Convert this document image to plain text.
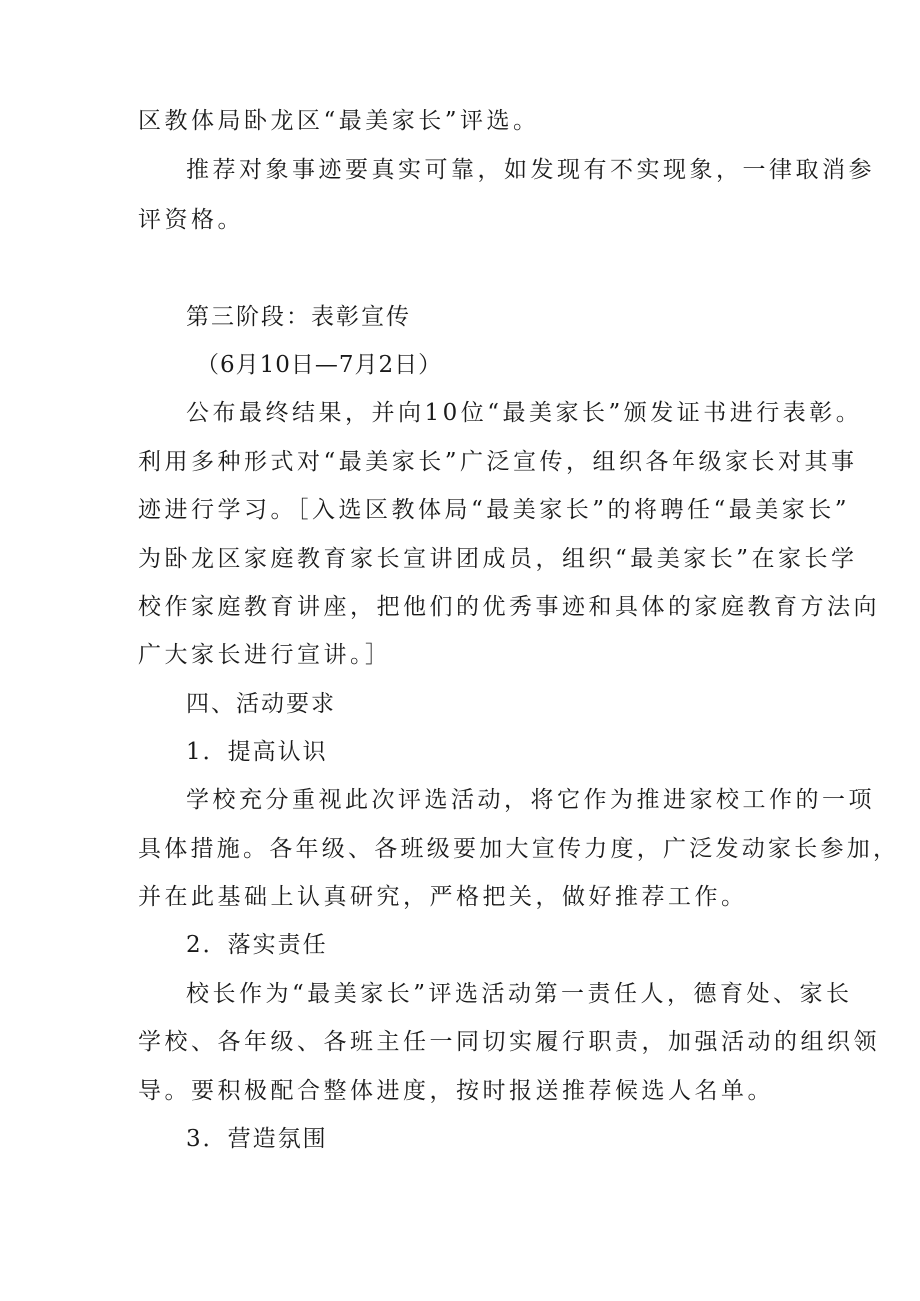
区教体局卧龙区“最美家长”评选。
推荐对象事迹要真实可靠，如发现有不实现象，一律取消参
评资格。
第三阶段：表彰宣传
（6月10日—7月2日）
公布最终结果，并向10位“最美家长”颁发证书进行表彰。
利用多种形式对“最美家长”广泛宣传，组织各年级家长对其事
迹进行学习。［入选区教体局“最美家长”的将聘任“最美家长”
为卧龙区家庭教育家长宣讲团成员，组织“最美家长”在家长学
校作家庭教育讲座，把他们的优秀事迹和具体的家庭教育方法向
广大家长进行宣讲。］
四、活动要求
1．提高认识
学校充分重视此次评选活动，将它作为推进家校工作的一项
具体措施。各年级、各班级要加大宣传力度，广泛发动家长参加，
并在此基础上认真研究，严格把关，做好推荐工作。
2．落实责任
校长作为“最美家长”评选活动第一责任人，德育处、家长
学校、各年级、各班主任一同切实履行职责，加强活动的组织领
导。要积极配合整体进度，按时报送推荐候选人名单。
3．营造氛围
